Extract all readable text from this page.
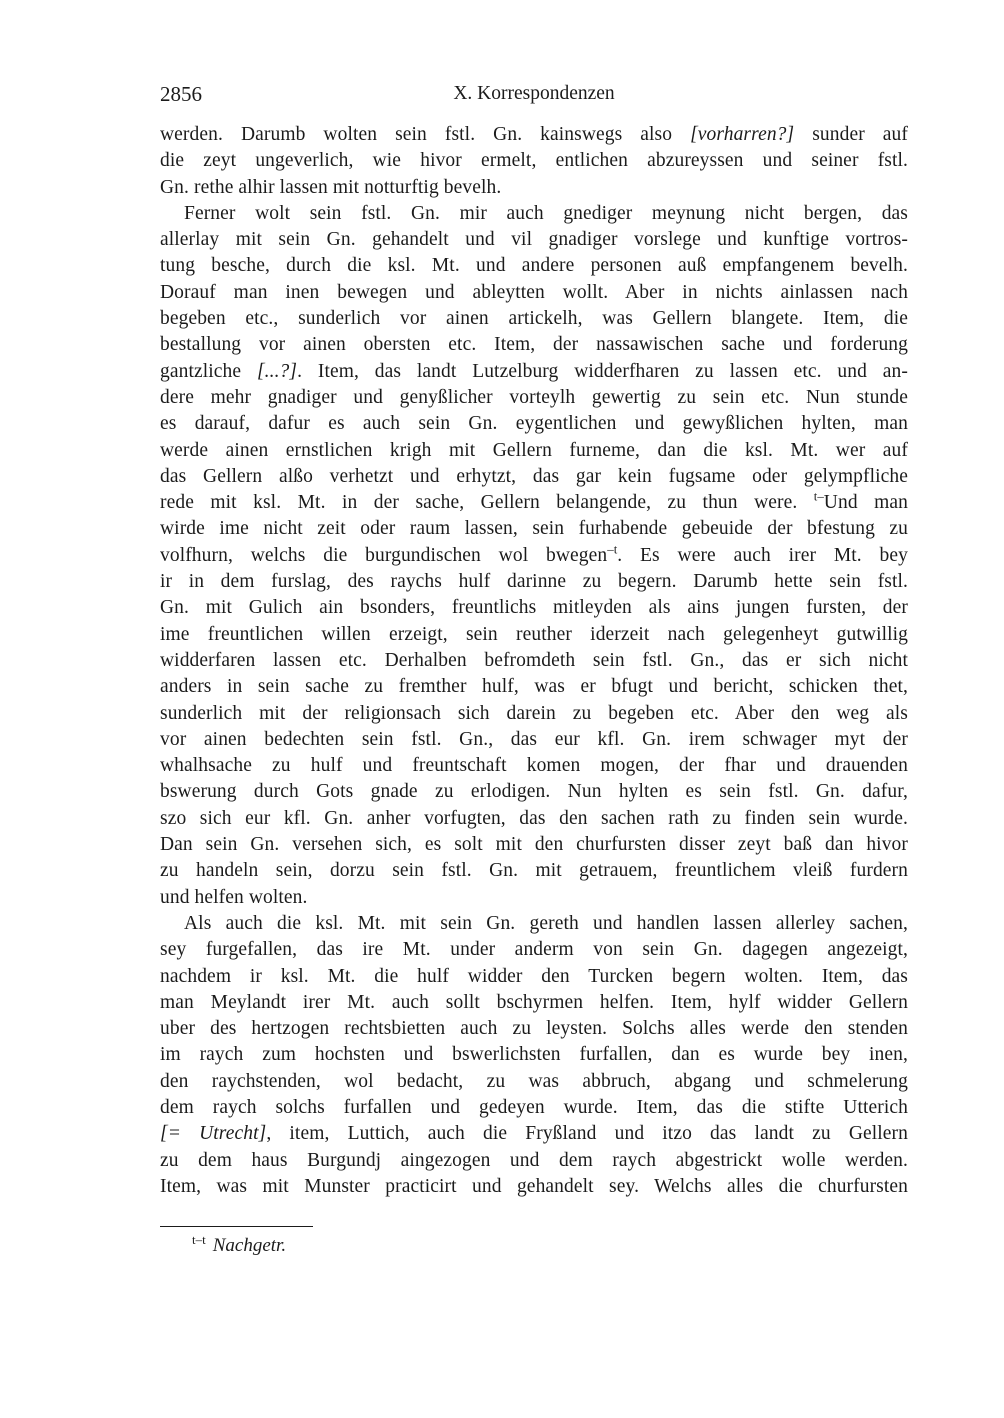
2856	X. Korrespondenzen
werden. Darumb wolten sein fstl. Gn. kainswegs also [vorharren?] sunder auf
die zeyt ungeverlich, wie hivor ermelt, entlichen abzureyssen und seiner fstl.
Gn. rethe alhir lassen mit notturftig bevelh.
Ferner wolt sein fstl. Gn. mir auch gnediger meynung nicht bergen, das
allerlay mit sein Gn. gehandelt und vil gnadiger vorslege und kunftige vortros-
tung besche, durch die ksl. Mt. und andere personen auß empfangenem bevelh.
Dorauf man inen bewegen und ableytten wollt. Aber in nichts ainlassen nach
begeben etc., sunderlich vor ainen artickelh, was Gellern blangete. Item, die
bestallung vor ainen obersten etc. Item, der nassawischen sache und forderung
gantzliche [...?]. Item, das landt Lutzelburg widderfharen zu lassen etc. und an-
dere mehr gnadiger und genyßlicher vorteylh gewertig zu sein etc. Nun stunde
es darauf, dafur es auch sein Gn. eygentlichen und gewyßlichen hylten, man
werde ainen ernstlichen krigh mit Gellern furneme, dan die ksl. Mt. wer auf
das Gellern alßo verhetzt und erhytzt, das gar kein fugsame oder gelympfliche
rede mit ksl. Mt. in der sache, Gellern belangende, zu thun were. $^{t-}$Und man
wirde ime nicht zeit oder raum lassen, sein furhabende gebeuide der bfestung zu
volfhurn, welchs die burgundischen wol bwegen$^{-t}$. Es were auch irer Mt. bey
ir in dem furslag, des raychs hulf darinne zu begern. Darumb hette sein fstl.
Gn. mit Gulich ain bsonders, freuntlichs mitleyden als ains jungen fursten, der
ime freuntlichen willen erzeigt, sein reuther iderzeit nach gelegenheyt gutwillig
widderfaren lassen etc. Derhalben befromdeth sein fstl. Gn., das er sich nicht
anders in sein sache zu fremther hulf, was er bfugt und bericht, schicken thet,
sunderlich mit der religionsach sich darein zu begeben etc. Aber den weg als
vor ainen bedechten sein fstl. Gn., das eur kfl. Gn. irem schwager myt der
whalhsache zu hulf und freuntschaft komen mogen, der fhar und drauenden
bswerung durch Gots gnade zu erlodigen. Nun hylten es sein fstl. Gn. dafur,
szo sich eur kfl. Gn. anher vorfugten, das den sachen rath zu finden sein wurde.
Dan sein Gn. versehen sich, es solt mit den churfursten disser zeyt baß dan hivor
zu handeln sein, dorzu sein fstl. Gn. mit getrauem, freuntlichem vleiß furdern
und helfen wolten.
Als auch die ksl. Mt. mit sein Gn. gereth und handlen lassen allerley sachen,
sey furgefallen, das ire Mt. under anderm von sein Gn. dagegen angezeigt,
nachdem ir ksl. Mt. die hulf widder den Turcken begern wolten. Item, das
man Meylandt irer Mt. auch sollt bschyrmen helfen. Item, hylf widder Gellern
uber des hertzogen rechtsbietten auch zu leysten. Solchs alles werde den stenden
im raych zum hochsten und bswerlichsten furfallen, dan es wurde bey inen,
den raychstenden, wol bedacht, zu was abbruch, abgang und schmelerung
dem raych solchs furfallen und gedeyen wurde. Item, das die stifte Utterich
[= Utrecht], item, Luttich, auch die Fryßland und itzo das landt zu Gellern
zu dem haus Burgundj aingezogen und dem raych abgestrickt wolle werden.
Item, was mit Munster practicirt und gehandelt sey. Welchs alles die churfursten
$^{t-t}$ Nachgetr.
